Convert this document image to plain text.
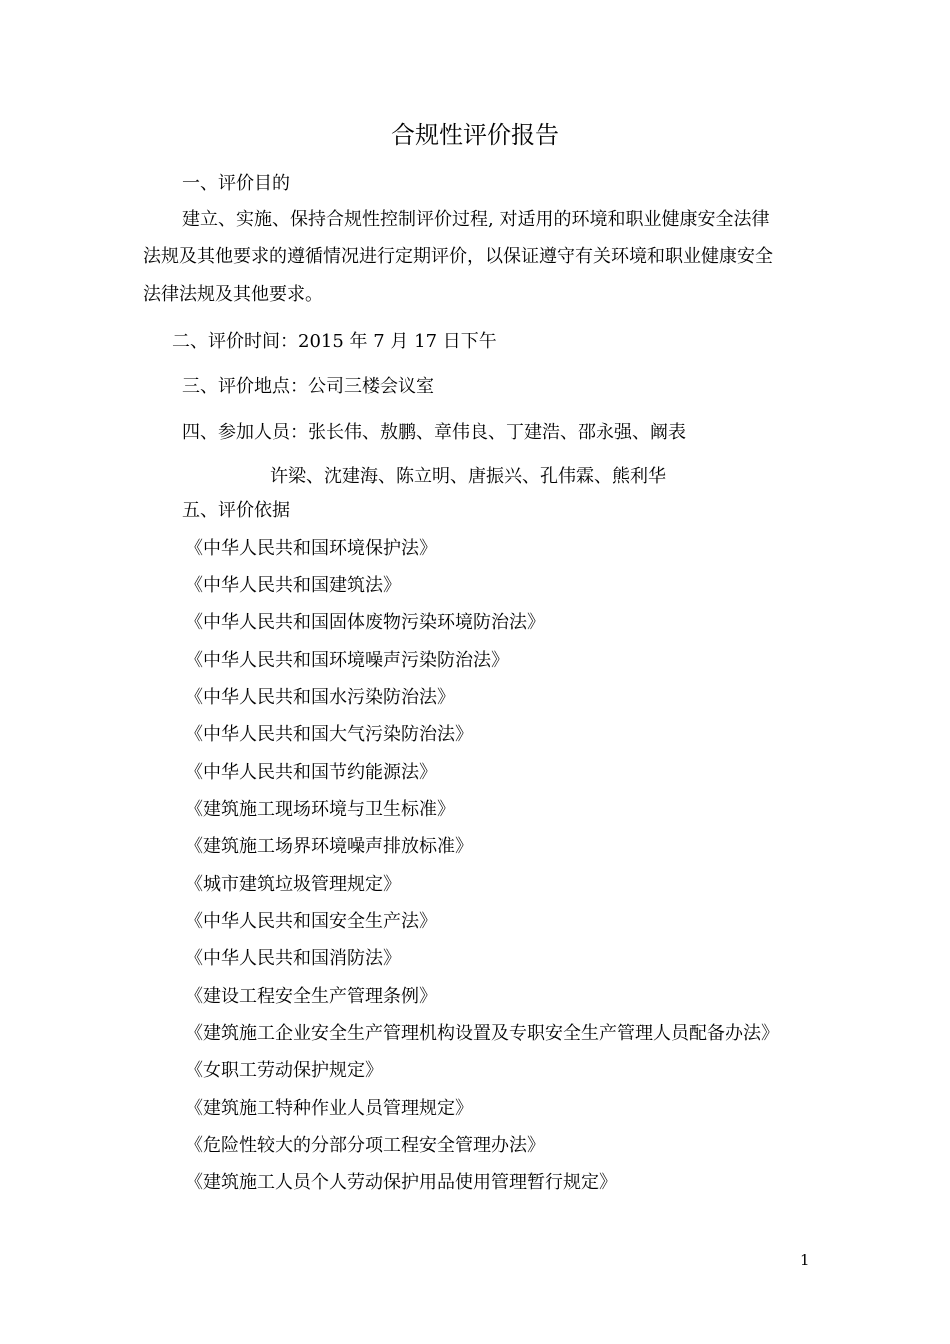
合规性评价报告
一、评价目的
建立、实施、保持合规性控制评价过程, 对适用的环境和职业健康安全法律
法规及其他要求的遵循情况进行定期评价，以保证遵守有关环境和职业健康安全
法律法规及其他要求。
二、评价时间：2015 年 7 月 17 日下午
三、评价地点：公司三楼会议室
四、参加人员：张长伟、敖鹏、章伟良、丁建浩、邵永强、阚表
许梁、沈建海、陈立明、唐振兴、孔伟霖、熊利华
五、评价依据
《中华人民共和国环境保护法》
《中华人民共和国建筑法》
《中华人民共和国固体废物污染环境防治法》
《中华人民共和国环境噪声污染防治法》
《中华人民共和国水污染防治法》
《中华人民共和国大气污染防治法》
《中华人民共和国节约能源法》
《建筑施工现场环境与卫生标准》
《建筑施工场界环境噪声排放标准》
《城市建筑垃圾管理规定》
《中华人民共和国安全生产法》
《中华人民共和国消防法》
《建设工程安全生产管理条例》
《建筑施工企业安全生产管理机构设置及专职安全生产管理人员配备办法》
《女职工劳动保护规定》
《建筑施工特种作业人员管理规定》
《危险性较大的分部分项工程安全管理办法》
《建筑施工人员个人劳动保护用品使用管理暂行规定》
1
